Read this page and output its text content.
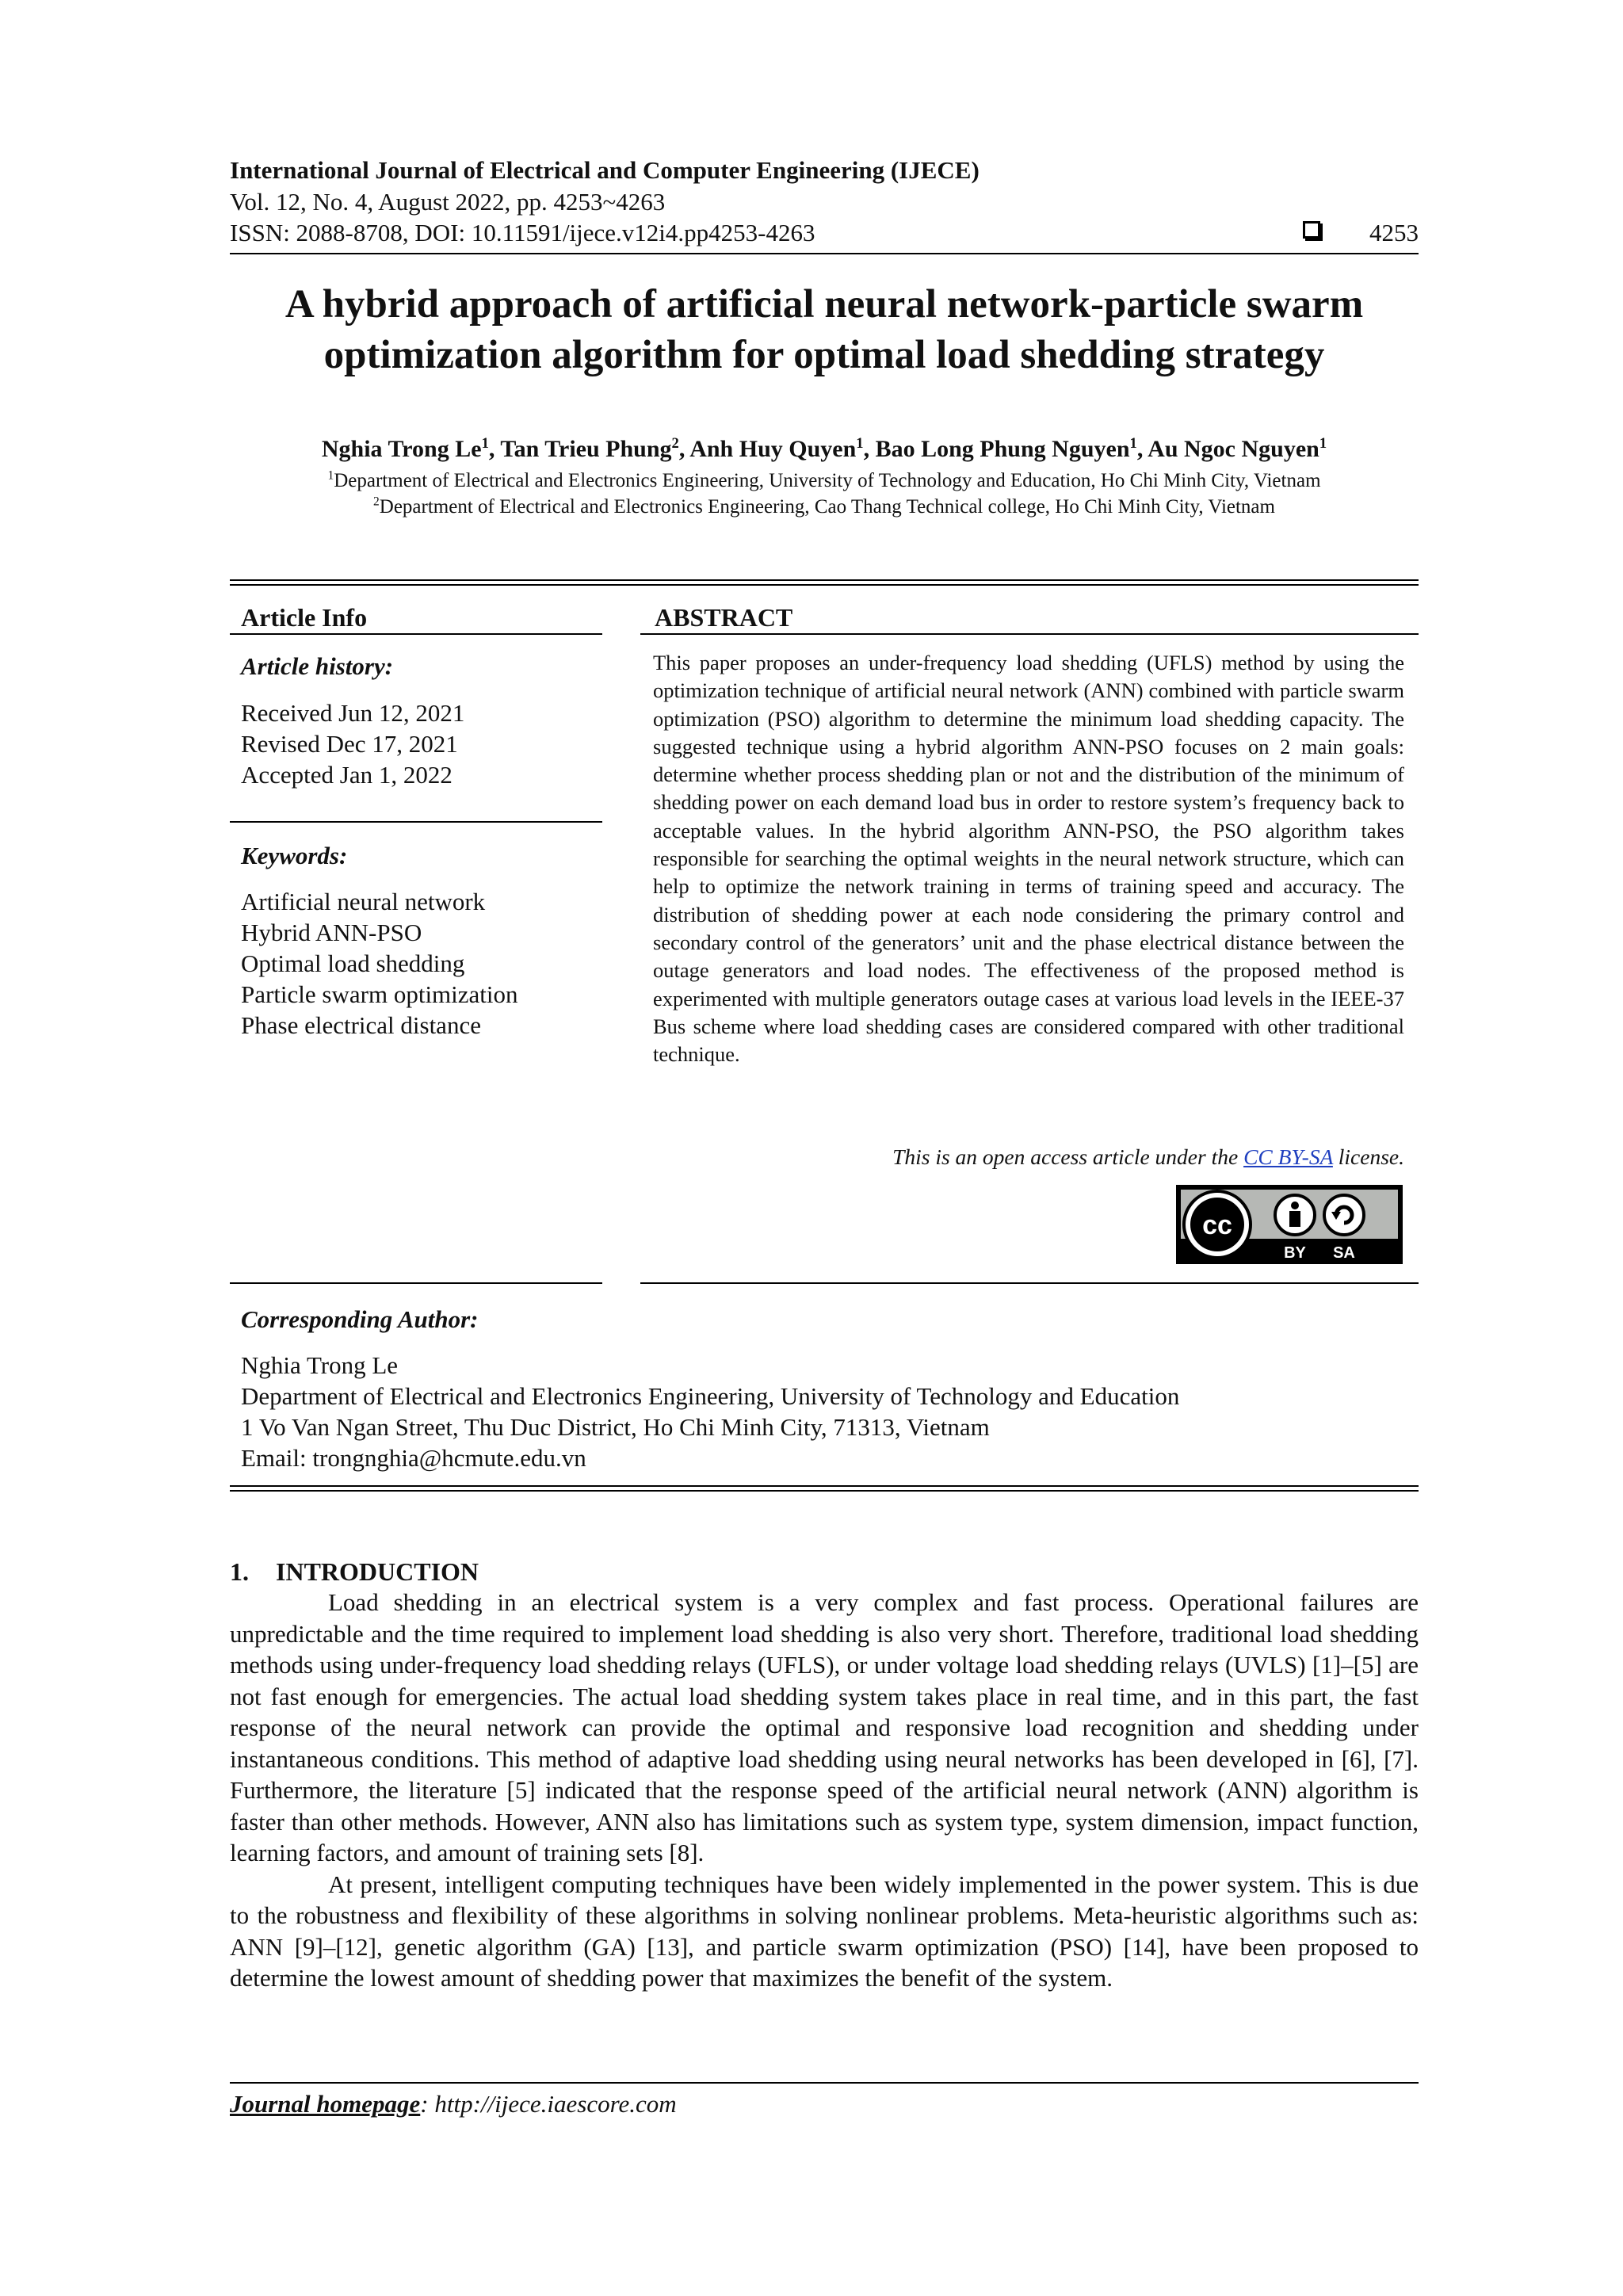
International Journal of Electrical and Computer Engineering (IJECE)
Vol. 12, No. 4, August 2022, pp. 4253~4263
ISSN: 2088-8708, DOI: 10.11591/ijece.v12i4.pp4253-4263	4253
A hybrid approach of artificial neural network-particle swarm
optimization algorithm for optimal load shedding strategy
Nghia Trong Le$^1$, Tan Trieu Phung$^2$, Anh Huy Quyen$^1$, Bao Long Phung Nguyen$^1$, Au Ngoc Nguyen$^1$
$^1$Department of Electrical and Electronics Engineering, University of Technology and Education, Ho Chi Minh City, Vietnam
$^2$Department of Electrical and Electronics Engineering, Cao Thang Technical college, Ho Chi Minh City, Vietnam
Article Info
Article history:
Received Jun 12, 2021
Revised Dec 17, 2021
Accepted Jan 1, 2022
Keywords:
Artificial neural network
Hybrid ANN-PSO
Optimal load shedding
Particle swarm optimization
Phase electrical distance
ABSTRACT
This paper proposes an under-frequency load shedding (UFLS) method by using the optimization technique of artificial neural network (ANN) combined with particle swarm optimization (PSO) algorithm to determine the minimum load shedding capacity. The suggested technique using a hybrid algorithm ANN-PSO focuses on 2 main goals: determine whether process shedding plan or not and the distribution of the minimum of shedding power on each demand load bus in order to restore system’s frequency back to acceptable values. In the hybrid algorithm ANN-PSO, the PSO algorithm takes responsible for searching the optimal weights in the neural network structure, which can help to optimize the network training in terms of training speed and accuracy. The distribution of shedding power at each node considering the primary control and secondary control of the generators’ unit and the phase electrical distance between the outage generators and load nodes. The effectiveness of the proposed method is experimented with multiple generators outage cases at various load levels in the IEEE-37 Bus scheme where load shedding cases are considered compared with other traditional technique.
This is an open access article under the CC BY-SA license.
cc
BY SA
Corresponding Author:
Nghia Trong Le
Department of Electrical and Electronics Engineering, University of Technology and Education
1 Vo Van Ngan Street, Thu Duc District, Ho Chi Minh City, 71313, Vietnam
Email: trongnghia@hcmute.edu.vn
1. INTRODUCTION

Load shedding in an electrical system is a very complex and fast process. Operational failures are unpredictable and the time required to implement load shedding is also very short. Therefore, traditional load shedding methods using under-frequency load shedding relays (UFLS), or under voltage load shedding relays (UVLS) [1]–[5] are not fast enough for emergencies. The actual load shedding system takes place in real time, and in this part, the fast response of the neural network can provide the optimal and responsive load recognition and shedding under instantaneous conditions. This method of adaptive load shedding using neural networks has been developed in [6], [7]. Furthermore, the literature [5] indicated that the response speed of the artificial neural network (ANN) algorithm is faster than other methods. However, ANN also has limitations such as system type, system dimension, impact function, learning factors, and amount of training sets [8].

At present, intelligent computing techniques have been widely implemented in the power system. This is due to the robustness and flexibility of these algorithms in solving nonlinear problems. Meta-heuristic algorithms such as: ANN [9]–[12], genetic algorithm (GA) [13], and particle swarm optimization (PSO) [14], have been proposed to determine the lowest amount of shedding power that maximizes the benefit of the system.

Journal homepage: http://ijece.iaescore.com
